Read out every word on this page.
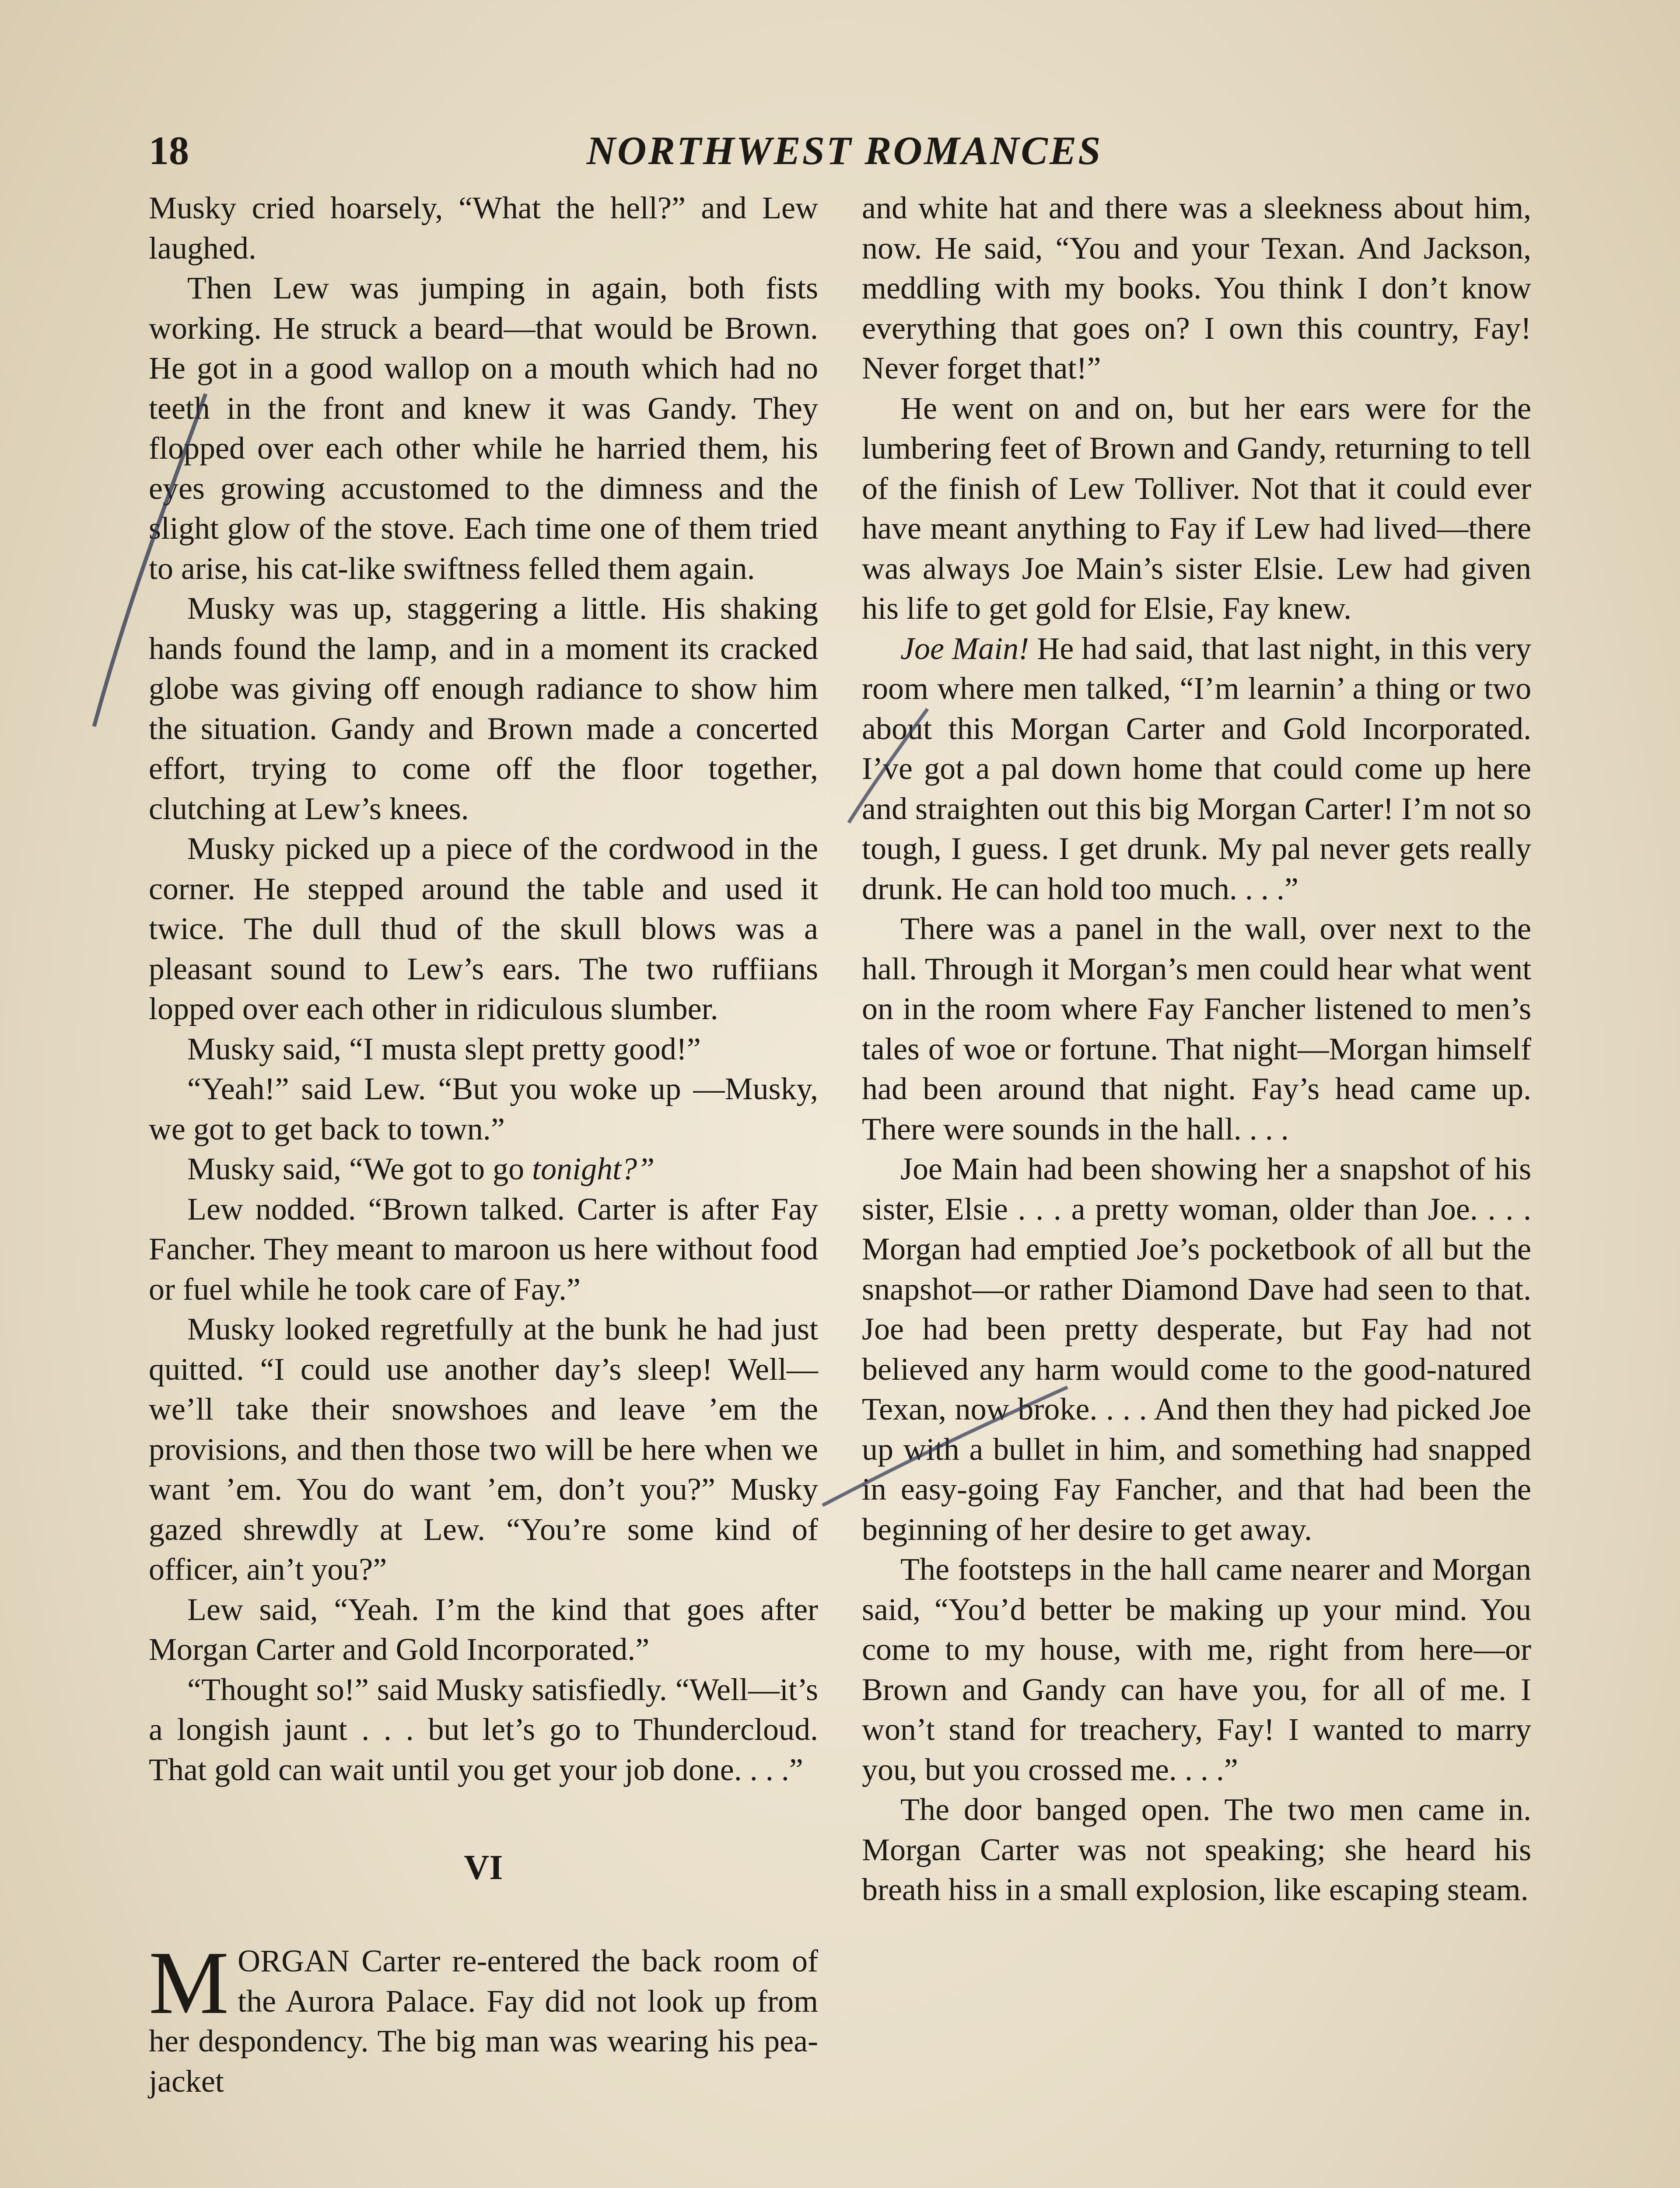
18	NORTHWEST ROMANCES

Musky cried hoarsely, “What the hell?” and Lew laughed.

Then Lew was jumping in again, both fists working. He struck a beard—that would be Brown. He got in a good wallop on a mouth which had no teeth in the front and knew it was Gandy. They flopped over each other while he harried them, his eyes growing accustomed to the dimness and the slight glow of the stove. Each time one of them tried to arise, his cat-like swiftness felled them again.

Musky was up, staggering a little. His shaking hands found the lamp, and in a moment its cracked globe was giving off enough radiance to show him the situation. Gandy and Brown made a concerted effort, trying to come off the floor together, clutching at Lew’s knees.

Musky picked up a piece of the cordwood in the corner. He stepped around the table and used it twice. The dull thud of the skull blows was a pleasant sound to Lew’s ears. The two ruffiians lopped over each other in ridiculous slumber.

Musky said, “I musta slept pretty good!”

“Yeah!” said Lew. “But you woke up —Musky, we got to get back to town.”

Musky said, “We got to go tonight?”

Lew nodded. “Brown talked. Carter is after Fay Fancher. They meant to maroon us here without food or fuel while he took care of Fay.”

Musky looked regretfully at the bunk he had just quitted. “I could use another day’s sleep! Well—we’ll take their snowshoes and leave ’em the provisions, and then those two will be here when we want ’em. You do want ’em, don’t you?” Musky gazed shrewdly at Lew. “You’re some kind of officer, ain’t you?”

Lew said, “Yeah. I’m the kind that goes after Morgan Carter and Gold Incorporated.”

“Thought so!” said Musky satisfiedly. “Well—it’s a longish jaunt . . . but let’s go to Thundercloud. That gold can wait until you get your job done. . . .”

VI

MORGAN Carter re-entered the back room of the Aurora Palace. Fay did not look up from her despondency. The big man was wearing his pea-jacket

and white hat and there was a sleekness about him, now. He said, “You and your Texan. And Jackson, meddling with my books. You think I don’t know everything that goes on? I own this country, Fay! Never forget that!”

He went on and on, but her ears were for the lumbering feet of Brown and Gandy, returning to tell of the finish of Lew Tolliver. Not that it could ever have meant anything to Fay if Lew had lived—there was always Joe Main’s sister Elsie. Lew had given his life to get gold for Elsie, Fay knew.

Joe Main! He had said, that last night, in this very room where men talked, “I’m learnin’ a thing or two about this Morgan Carter and Gold Incorporated. I’ve got a pal down home that could come up here and straighten out this big Morgan Carter! I’m not so tough, I guess. I get drunk. My pal never gets really drunk. He can hold too much. . . .”

There was a panel in the wall, over next to the hall. Through it Morgan’s men could hear what went on in the room where Fay Fancher listened to men’s tales of woe or fortune. That night—Morgan himself had been around that night. Fay’s head came up. There were sounds in the hall. . . .

Joe Main had been showing her a snapshot of his sister, Elsie . . . a pretty woman, older than Joe. . . . Morgan had emptied Joe’s pocketbook of all but the snapshot—or rather Diamond Dave had seen to that. Joe had been pretty desperate, but Fay had not believed any harm would come to the good-natured Texan, now broke. . . . And then they had picked Joe up with a bullet in him, and something had snapped in easy-going Fay Fancher, and that had been the beginning of her desire to get away.

The footsteps in the hall came nearer and Morgan said, “You’d better be making up your mind. You come to my house, with me, right from here—or Brown and Gandy can have you, for all of me. I won’t stand for treachery, Fay! I wanted to marry you, but you crossed me. . . .”

The door banged open. The two men came in. Morgan Carter was not speaking; she heard his breath hiss in a small explosion, like escaping steam.
